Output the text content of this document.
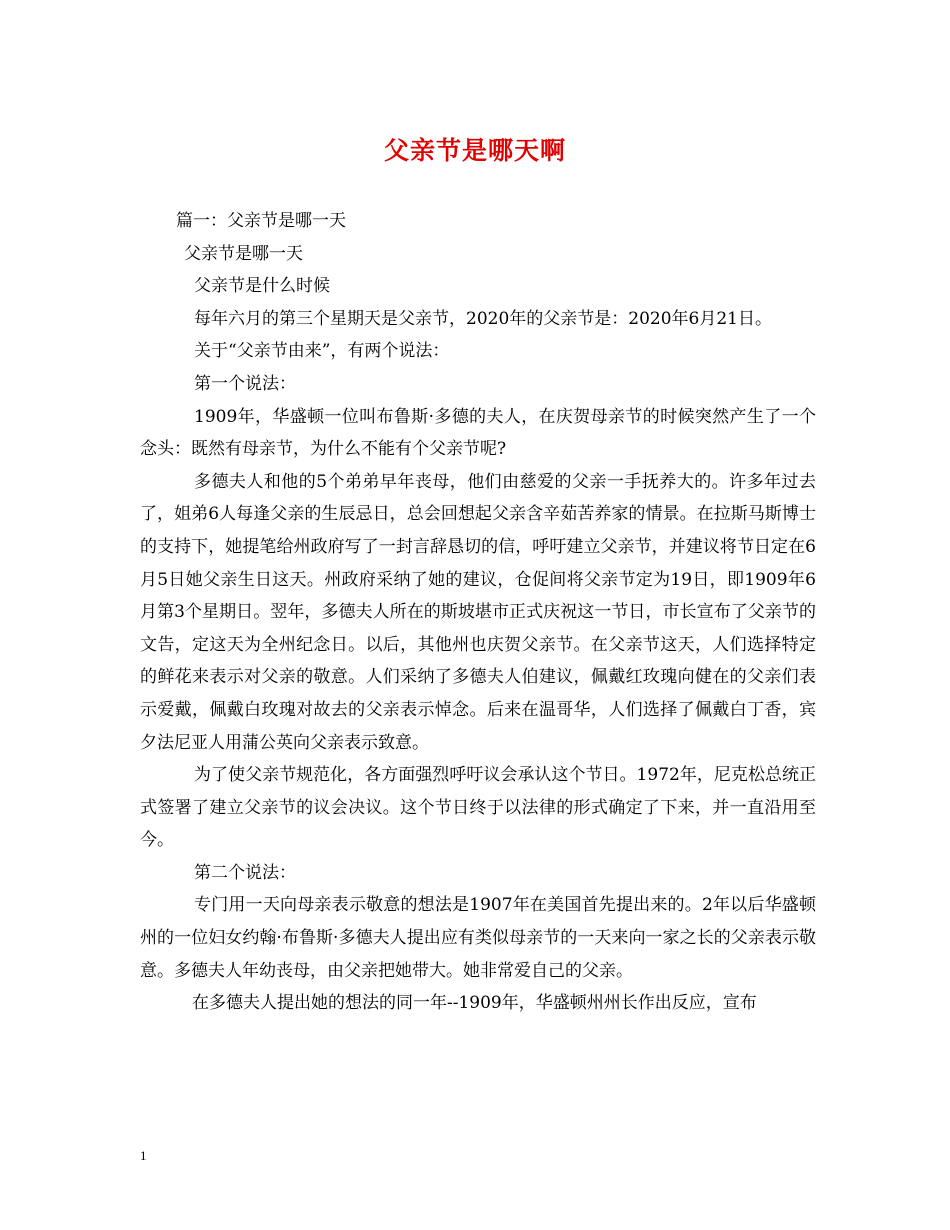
父亲节是哪天啊

篇一：父亲节是哪一天

父亲节是哪一天

父亲节是什么时候

每年六月的第三个星期天是父亲节，2020年的父亲节是：2020年6月21日。

关于“父亲节由来”，有两个说法：

第一个说法：

1909年，华盛顿一位叫布鲁斯·多德的夫人，在庆贺母亲节的时候突然产生了一个念头：既然有母亲节，为什么不能有个父亲节呢?

多德夫人和他的5个弟弟早年丧母，他们由慈爱的父亲一手抚养大的。许多年过去了，姐弟6人每逢父亲的生辰忌日，总会回想起父亲含辛茹苦养家的情景。在拉斯马斯博士的支持下，她提笔给州政府写了一封言辞恳切的信，呼吁建立父亲节，并建议将节日定在6月5日她父亲生日这天。州政府采纳了她的建议，仓促间将父亲节定为19日，即1909年6月第3个星期日。翌年，多德夫人所在的斯坡堪市正式庆祝这一节日，市长宣布了父亲节的文告，定这天为全州纪念日。以后，其他州也庆贺父亲节。在父亲节这天，人们选择特定的鲜花来表示对父亲的敬意。人们采纳了多德夫人伯建议，佩戴红玫瑰向健在的父亲们表示爱戴，佩戴白玫瑰对故去的父亲表示悼念。后来在温哥华，人们选择了佩戴白丁香，宾夕法尼亚人用蒲公英向父亲表示致意。

为了使父亲节规范化，各方面强烈呼吁议会承认这个节日。1972年，尼克松总统正式签署了建立父亲节的议会决议。这个节日终于以法律的形式确定了下来，并一直沿用至今。

第二个说法：

专门用一天向母亲表示敬意的想法是1907年在美国首先提出来的。2年以后华盛顿州的一位妇女约翰·布鲁斯·多德夫人提出应有类似母亲节的一天来向一家之长的父亲表示敬意。多德夫人年幼丧母，由父亲把她带大。她非常爱自己的父亲。

在多德夫人提出她的想法的同一年--1909年，华盛顿州州长作出反应，宣布

1
